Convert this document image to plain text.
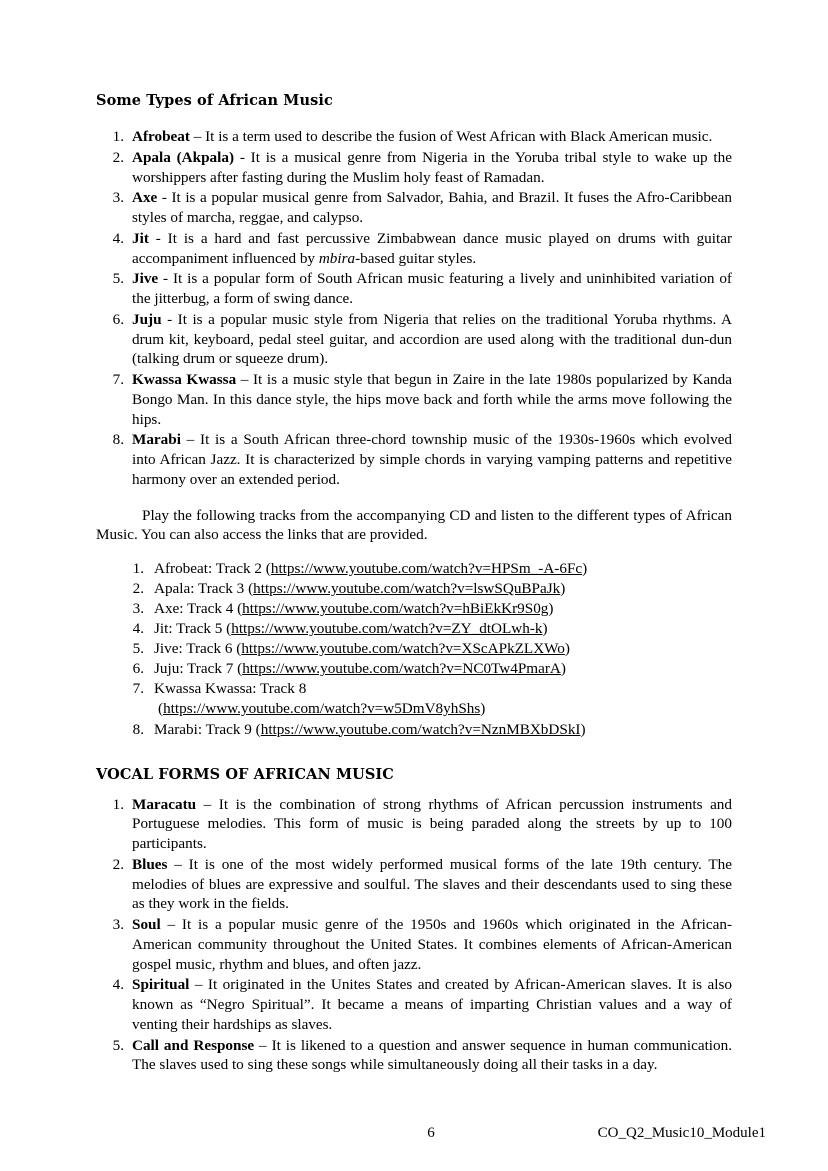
Some Types of African Music
1. Afrobeat – It is a term used to describe the fusion of West African with Black American music.
2. Apala (Akpala) - It is a musical genre from Nigeria in the Yoruba tribal style to wake up the worshippers after fasting during the Muslim holy feast of Ramadan.
3. Axe - It is a popular musical genre from Salvador, Bahia, and Brazil. It fuses the Afro-Caribbean styles of marcha, reggae, and calypso.
4. Jit - It is a hard and fast percussive Zimbabwean dance music played on drums with guitar accompaniment influenced by mbira-based guitar styles.
5. Jive - It is a popular form of South African music featuring a lively and uninhibited variation of the jitterbug, a form of swing dance.
6. Juju - It is a popular music style from Nigeria that relies on the traditional Yoruba rhythms. A drum kit, keyboard, pedal steel guitar, and accordion are used along with the traditional dun-dun (talking drum or squeeze drum).
7. Kwassa Kwassa – It is a music style that begun in Zaire in the late 1980s popularized by Kanda Bongo Man. In this dance style, the hips move back and forth while the arms move following the hips.
8. Marabi – It is a South African three-chord township music of the 1930s-1960s which evolved into African Jazz. It is characterized by simple chords in varying vamping patterns and repetitive harmony over an extended period.

Play the following tracks from the accompanying CD and listen to the different types of African Music. You can also access the links that are provided.

1. Afrobeat: Track 2 (https://www.youtube.com/watch?v=HPSm_-A-6Fc)
2. Apala: Track 3 (https://www.youtube.com/watch?v=lswSQuBPaJk)
3. Axe: Track 4 (https://www.youtube.com/watch?v=hBiEkKr9S0g)
4. Jit: Track 5 (https://www.youtube.com/watch?v=ZY_dtOLwh-k)
5. Jive: Track 6 (https://www.youtube.com/watch?v=XScAPkZLXWo)
6. Juju: Track 7 (https://www.youtube.com/watch?v=NC0Tw4PmarA)
7. Kwassa Kwassa: Track 8
(https://www.youtube.com/watch?v=w5DmV8yhShs)
8. Marabi: Track 9 (https://www.youtube.com/watch?v=NznMBXbDSkI)
VOCAL FORMS OF AFRICAN MUSIC
1. Maracatu – It is the combination of strong rhythms of African percussion instruments and Portuguese melodies. This form of music is being paraded along the streets by up to 100 participants.
2. Blues – It is one of the most widely performed musical forms of the late 19th century. The melodies of blues are expressive and soulful. The slaves and their descendants used to sing these as they work in the fields.
3. Soul – It is a popular music genre of the 1950s and 1960s which originated in the African-American community throughout the United States. It combines elements of African-American gospel music, rhythm and blues, and often jazz.
4. Spiritual – It originated in the Unites States and created by African-American slaves. It is also known as “Negro Spiritual”. It became a means of imparting Christian values and a way of venting their hardships as slaves.
5. Call and Response – It is likened to a question and answer sequence in human communication. The slaves used to sing these songs while simultaneously doing all their tasks in a day.
6	CO_Q2_Music10_Module1
